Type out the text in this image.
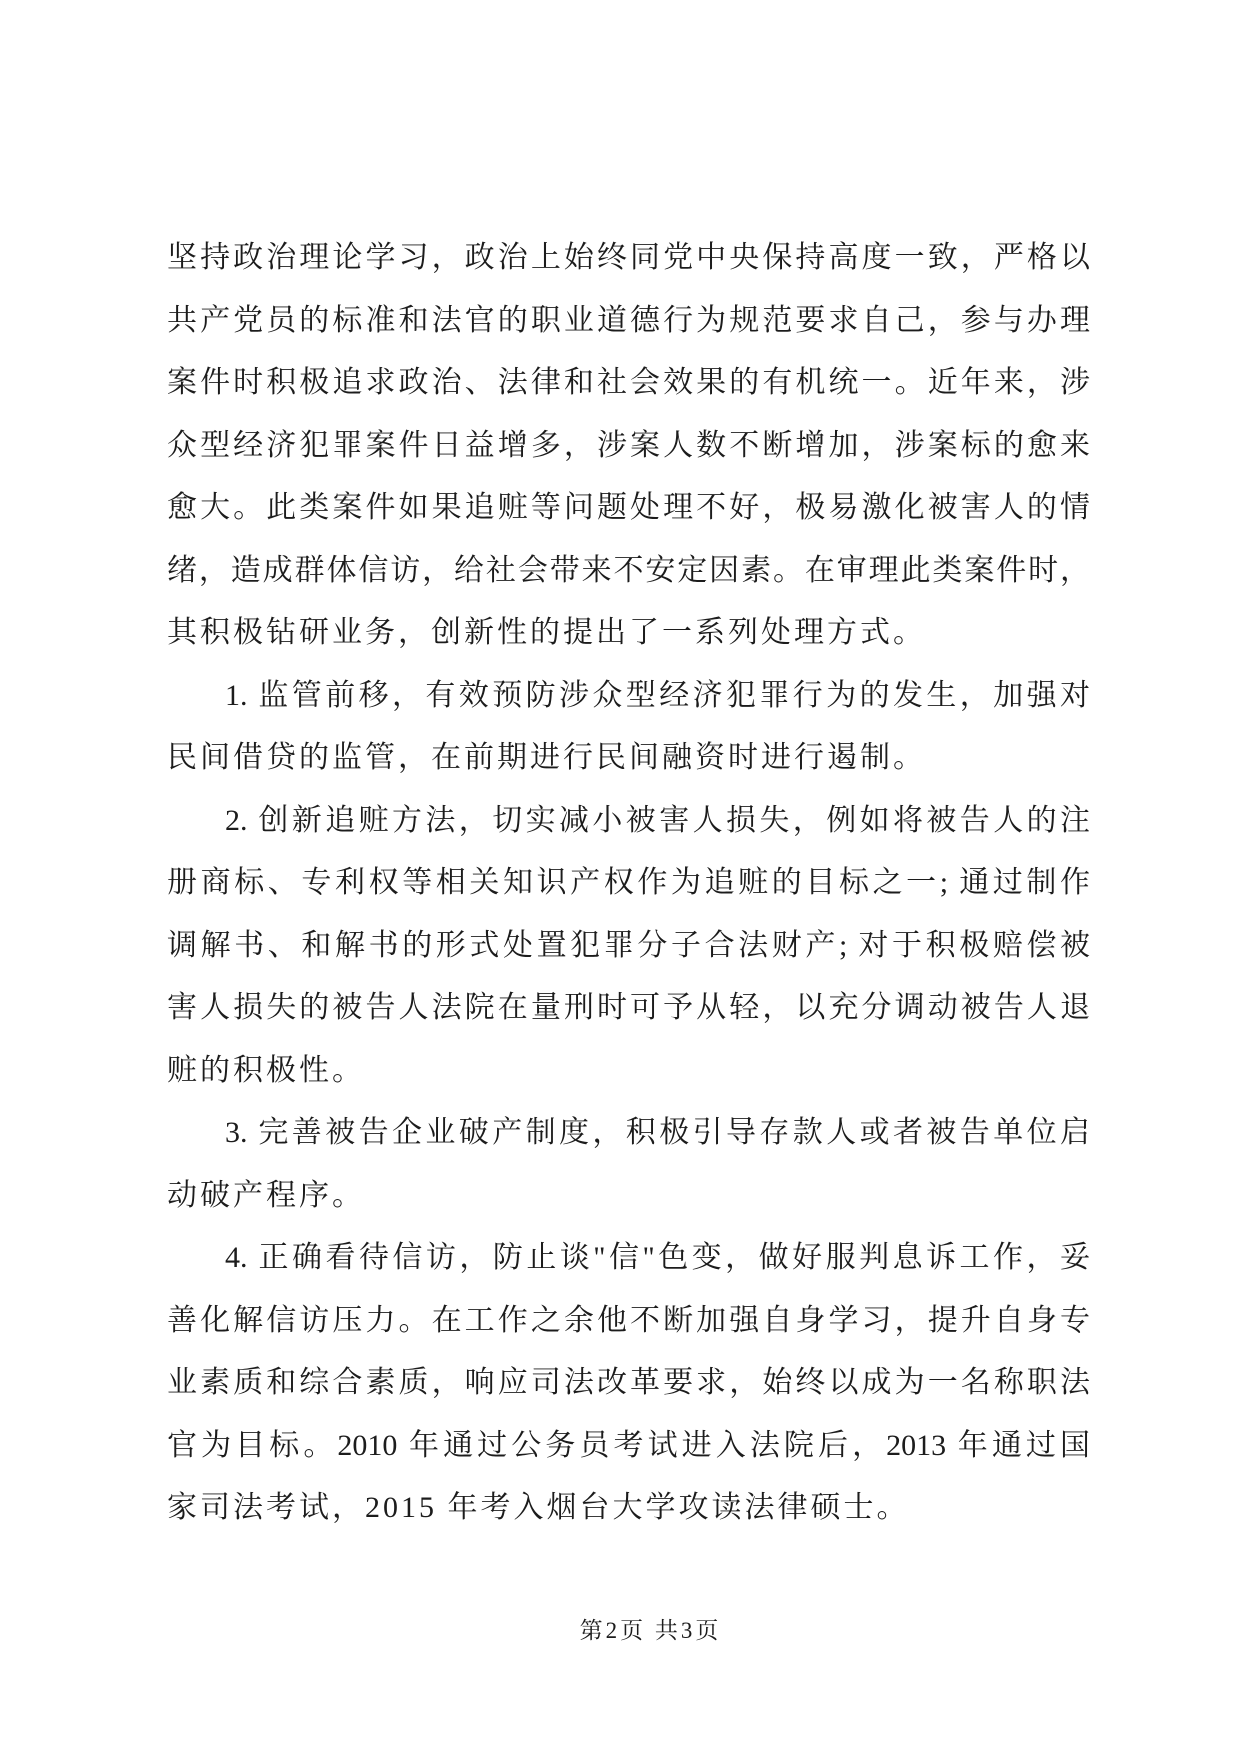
坚持政治理论学习，政治上始终同党中央保持高度一致，严格以
共产党员的标准和法官的职业道德行为规范要求自己，参与办理
案件时积极追求政治、法律和社会效果的有机统一。近年来，涉
众型经济犯罪案件日益增多，涉案人数不断增加，涉案标的愈来
愈大。此类案件如果追赃等问题处理不好，极易激化被害人的情
绪，造成群体信访，给社会带来不安定因素。在审理此类案件时，
其积极钻研业务，创新性的提出了一系列处理方式。
1. 监管前移，有效预防涉众型经济犯罪行为的发生，加强对
民间借贷的监管，在前期进行民间融资时进行遏制。
2. 创新追赃方法，切实减小被害人损失，例如将被告人的注
册商标、专利权等相关知识产权作为追赃的目标之一; 通过制作
调解书、和解书的形式处置犯罪分子合法财产; 对于积极赔偿被
害人损失的被告人法院在量刑时可予从轻，以充分调动被告人退
赃的积极性。
3. 完善被告企业破产制度，积极引导存款人或者被告单位启
动破产程序。
4. 正确看待信访，防止谈"信"色变，做好服判息诉工作，妥
善化解信访压力。在工作之余他不断加强自身学习，提升自身专
业素质和综合素质，响应司法改革要求，始终以成为一名称职法
官为目标。2010 年通过公务员考试进入法院后，2013 年通过国
家司法考试，2015 年考入烟台大学攻读法律硕士。
第2页 共3页
